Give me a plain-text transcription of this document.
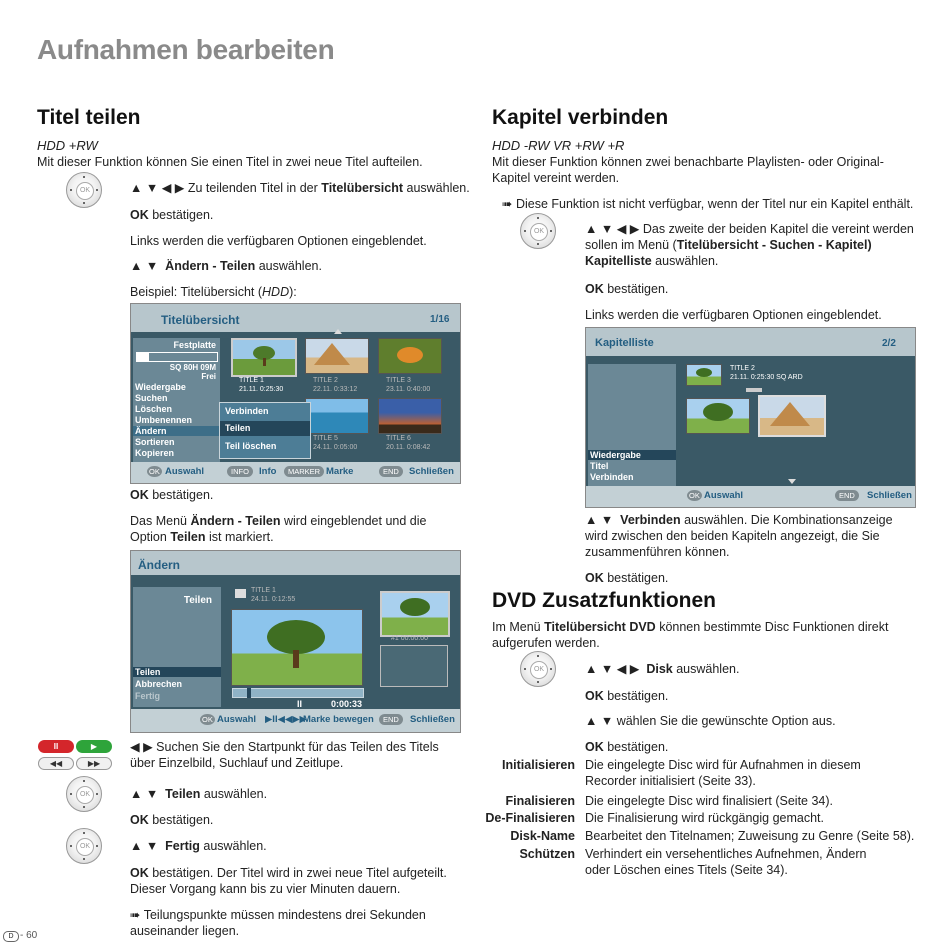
Aufnahmen bearbeiten
Titel teilen
HDD +RW
Mit dieser Funktion können Sie einen Titel in zwei neue Titel aufteilen.
OK	▲ ▼ ◀ ▶ Zu teilenden Titel in der Titelübersicht auswählen.
OK bestätigen.
Links werden die verfügbaren Optionen eingeblendet.
▲ ▼ Ändern - Teilen auswählen.
Beispiel: Titelübersicht (HDD):
Titelübersicht	1/16
Festplatte
SQ 80H 09M
Frei
Wiedergabe
Suchen
Löschen
Umbenennen
Ändern
Sortieren
Kopieren
TITLE 1
21.11. 0:25:30
TITLE 2
22.11. 0:33:12
TITLE 3
23.11. 0:40:00
TITLE 5
24.11. 0:05:00
TITLE 6
20.11. 0:08:42
Verbinden
Teilen
Teil löschen
OK Auswahl	INFO	Info	MARKER Marke	END	Schließen
OK bestätigen.
Das Menü Ändern - Teilen wird eingeblendet und die Option Teilen ist markiert.
Ändern
Teilen
Teilen
Abbrechen
Fertig
TITLE 1
24.11. 0:12:55
II	0:00:33
#1 00:00:00
OK Auswahl ▶II◀◀▶▶
Marke bewegen	END	Schließen
II	▶
◀◀	▶▶
◀ ▶ Suchen Sie den Startpunkt für das Teilen des Titels über Einzelbild, Suchlauf und Zeitlupe.
OK	▲ ▼ Teilen auswählen.
OK bestätigen.
OK	▲ ▼ Fertig auswählen.
OK bestätigen. Der Titel wird in zwei neue Titel aufgeteilt. Dieser Vorgang kann bis zu vier Minuten dauern.
➠ Teilungspunkte müssen mindestens drei Sekunden auseinander liegen.
D - 60
Kapitel verbinden
HDD -RW VR +RW +R
Mit dieser Funktion können zwei benachbarte Playlisten- oder Original-Kapitel vereint werden.
➠ Diese Funktion ist nicht verfügbar, wenn der Titel nur ein Kapitel enthält.
OK	▲ ▼ ◀ ▶ Das zweite der beiden Kapitel die vereint werden sollen im Menü (Titelübersicht - Suchen - Kapitel) Kapitelliste auswählen.
OK bestätigen.
Links werden die verfügbaren Optionen eingeblendet.
Kapitelliste	2/2
Wiedergabe
Titel
Verbinden
TITLE 2
21.11. 0:25:30 SQ ARD
OK Auswahl	END	Schließen
▲ ▼ Verbinden auswählen. Die Kombinationsanzeige wird zwischen den beiden Kapiteln angezeigt, die Sie zusammenführen können.
OK bestätigen.
DVD Zusatzfunktionen
Im Menü Titelübersicht DVD können bestimmte Disc Funktionen direkt aufgerufen werden.
OK	▲ ▼ ◀ ▶ Disk auswählen.
OK bestätigen.
▲ ▼ wählen Sie die gewünschte Option aus.
OK bestätigen.
Initialisieren Die eingelegte Disc wird für Aufnahmen in diesem Recorder initialisiert (Seite 33).
Finalisieren Die eingelegte Disc wird finalisiert (Seite 34).
De-Finalisieren Die Finalisierung wird rückgängig gemacht.
Disk-Name Bearbeitet den Titelnamen; Zuweisung zu Genre (Seite 58).
Schützen Verhindert ein versehentliches Aufnehmen, Ändern oder Löschen eines Titels (Seite 34).
